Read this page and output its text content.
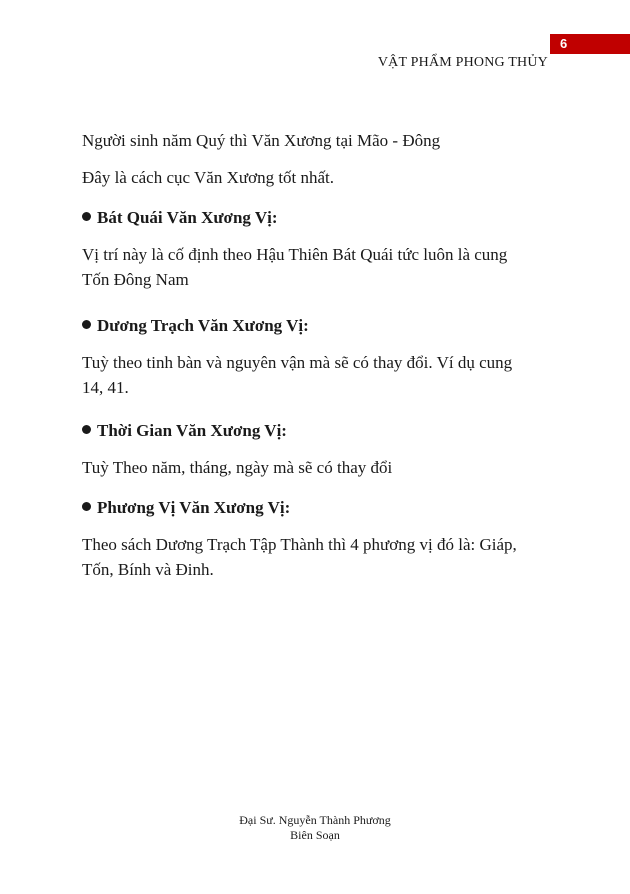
6
VẬT PHẨM PHONG THỦY

Người sinh năm Quý thì Văn Xương tại Mão - Đông

Đây là cách cục Văn Xương tốt nhất.

Bát Quái Văn Xương Vị:

Vị trí này là cố định theo Hậu Thiên Bát Quái tức luôn là cung

Tốn Đông Nam

Dương Trạch Văn Xương Vị:

Tuỳ theo tinh bàn và nguyên vận mà sẽ có thay đổi. Ví dụ cung

14, 41.

Thời Gian Văn Xương Vị:

Tuỳ Theo năm, tháng, ngày mà sẽ có thay đổi

Phương Vị Văn Xương Vị:

Theo sách Dương Trạch Tập Thành thì 4 phương vị đó là: Giáp,

Tốn, Bính và Đinh.

Đại Sư. Nguyễn Thành Phương
Biên Soạn
